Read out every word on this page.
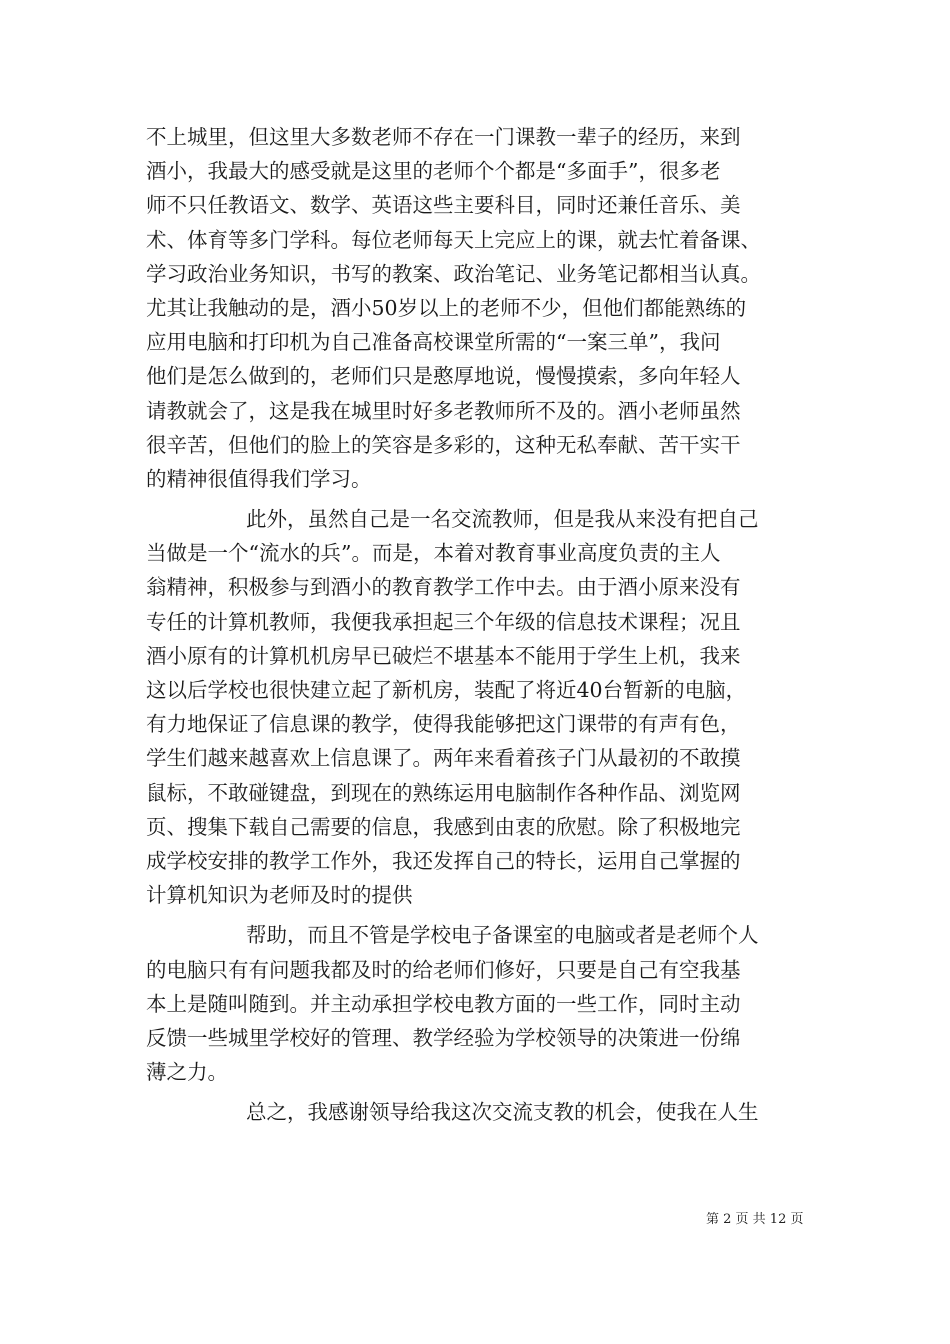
不上城里，但这里大多数老师不存在一门课教一辈子的经历，来到
酒小，我最大的感受就是这里的老师个个都是“多面手”，很多老
师不只任教语文、数学、英语这些主要科目，同时还兼任音乐、美
术、体育等多门学科。每位老师每天上完应上的课，就去忙着备课、
学习政治业务知识，书写的教案、政治笔记、业务笔记都相当认真。
尤其让我触动的是，酒小50岁以上的老师不少，但他们都能熟练的
应用电脑和打印机为自己准备高校课堂所需的“一案三单”，我问
他们是怎么做到的，老师们只是憨厚地说，慢慢摸索，多向年轻人
请教就会了，这是我在城里时好多老教师所不及的。酒小老师虽然
很辛苦，但他们的脸上的笑容是多彩的，这种无私奉献、苦干实干
的精神很值得我们学习。
此外，虽然自己是一名交流教师，但是我从来没有把自己
当做是一个“流水的兵”。而是，本着对教育事业高度负责的主人
翁精神，积极参与到酒小的教育教学工作中去。由于酒小原来没有
专任的计算机教师，我便我承担起三个年级的信息技术课程；况且
酒小原有的计算机机房早已破烂不堪基本不能用于学生上机，我来
这以后学校也很快建立起了新机房，装配了将近40台暂新的电脑，
有力地保证了信息课的教学，使得我能够把这门课带的有声有色，
学生们越来越喜欢上信息课了。两年来看着孩子门从最初的不敢摸
鼠标，不敢碰键盘，到现在的熟练运用电脑制作各种作品、浏览网
页、搜集下载自己需要的信息，我感到由衷的欣慰。除了积极地完
成学校安排的教学工作外，我还发挥自己的特长，运用自己掌握的
计算机知识为老师及时的提供
帮助，而且不管是学校电子备课室的电脑或者是老师个人
的电脑只有有问题我都及时的给老师们修好，只要是自己有空我基
本上是随叫随到。并主动承担学校电教方面的一些工作，同时主动
反馈一些城里学校好的管理、教学经验为学校领导的决策进一份绵
薄之力。
总之，我感谢领导给我这次交流支教的机会，使我在人生
第 2 页 共 12 页
